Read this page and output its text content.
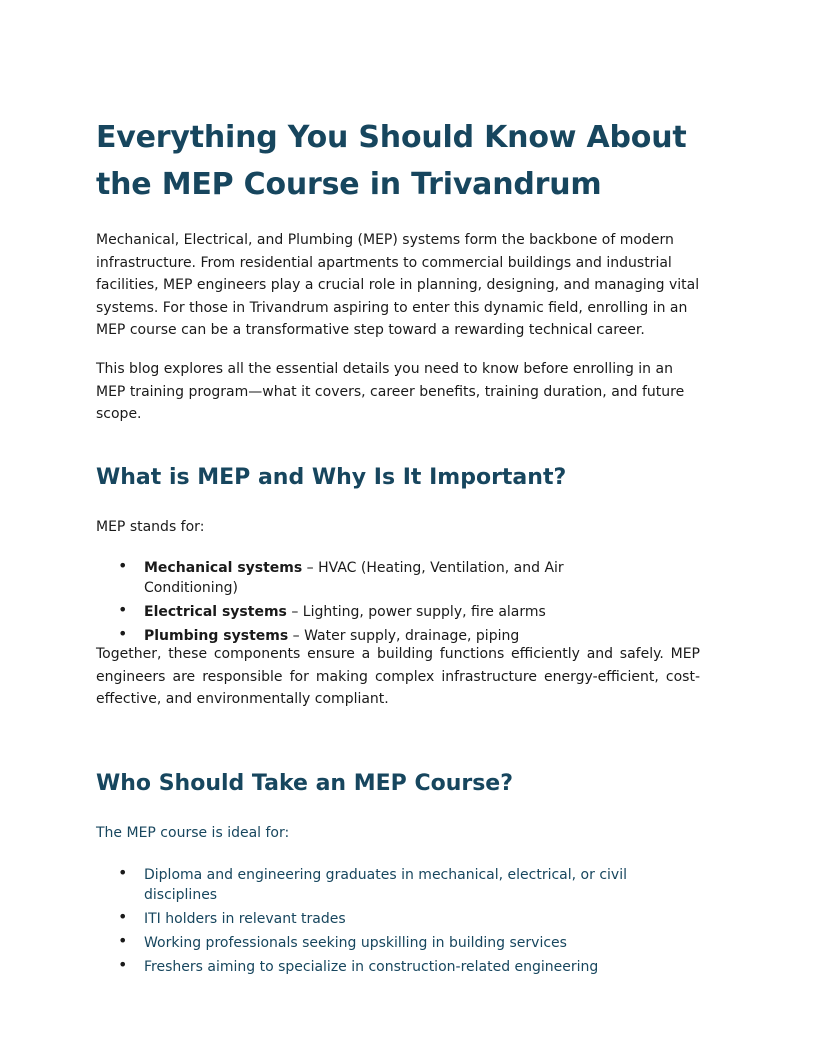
Everything You Should Know About
the MEP Course in Trivandrum

Mechanical, Electrical, and Plumbing (MEP) systems form the backbone of modern infrastructure. From residential apartments to commercial buildings and industrial facilities, MEP engineers play a crucial role in planning, designing, and managing vital systems. For those in Trivandrum aspiring to enter this dynamic field, enrolling in an MEP course can be a transformative step toward a rewarding technical career.

This blog explores all the essential details you need to know before enrolling in an MEP training program—what it covers, career benefits, training duration, and future scope.

What is MEP and Why Is It Important?

MEP stands for:

• Mechanical systems – HVAC (Heating, Ventilation, and Air Conditioning)
• Electrical systems – Lighting, power supply, fire alarms
• Plumbing systems – Water supply, drainage, piping

Together, these components ensure a building functions efficiently and safely. MEP engineers are responsible for making complex infrastructure energy-efficient, cost- effective, and environmentally compliant.

Who Should Take an MEP Course?

The MEP course is ideal for:

• Diploma and engineering graduates in mechanical, electrical, or civil disciplines
• ITI holders in relevant trades
• Working professionals seeking upskilling in building services
• Freshers aiming to specialize in construction-related engineering
